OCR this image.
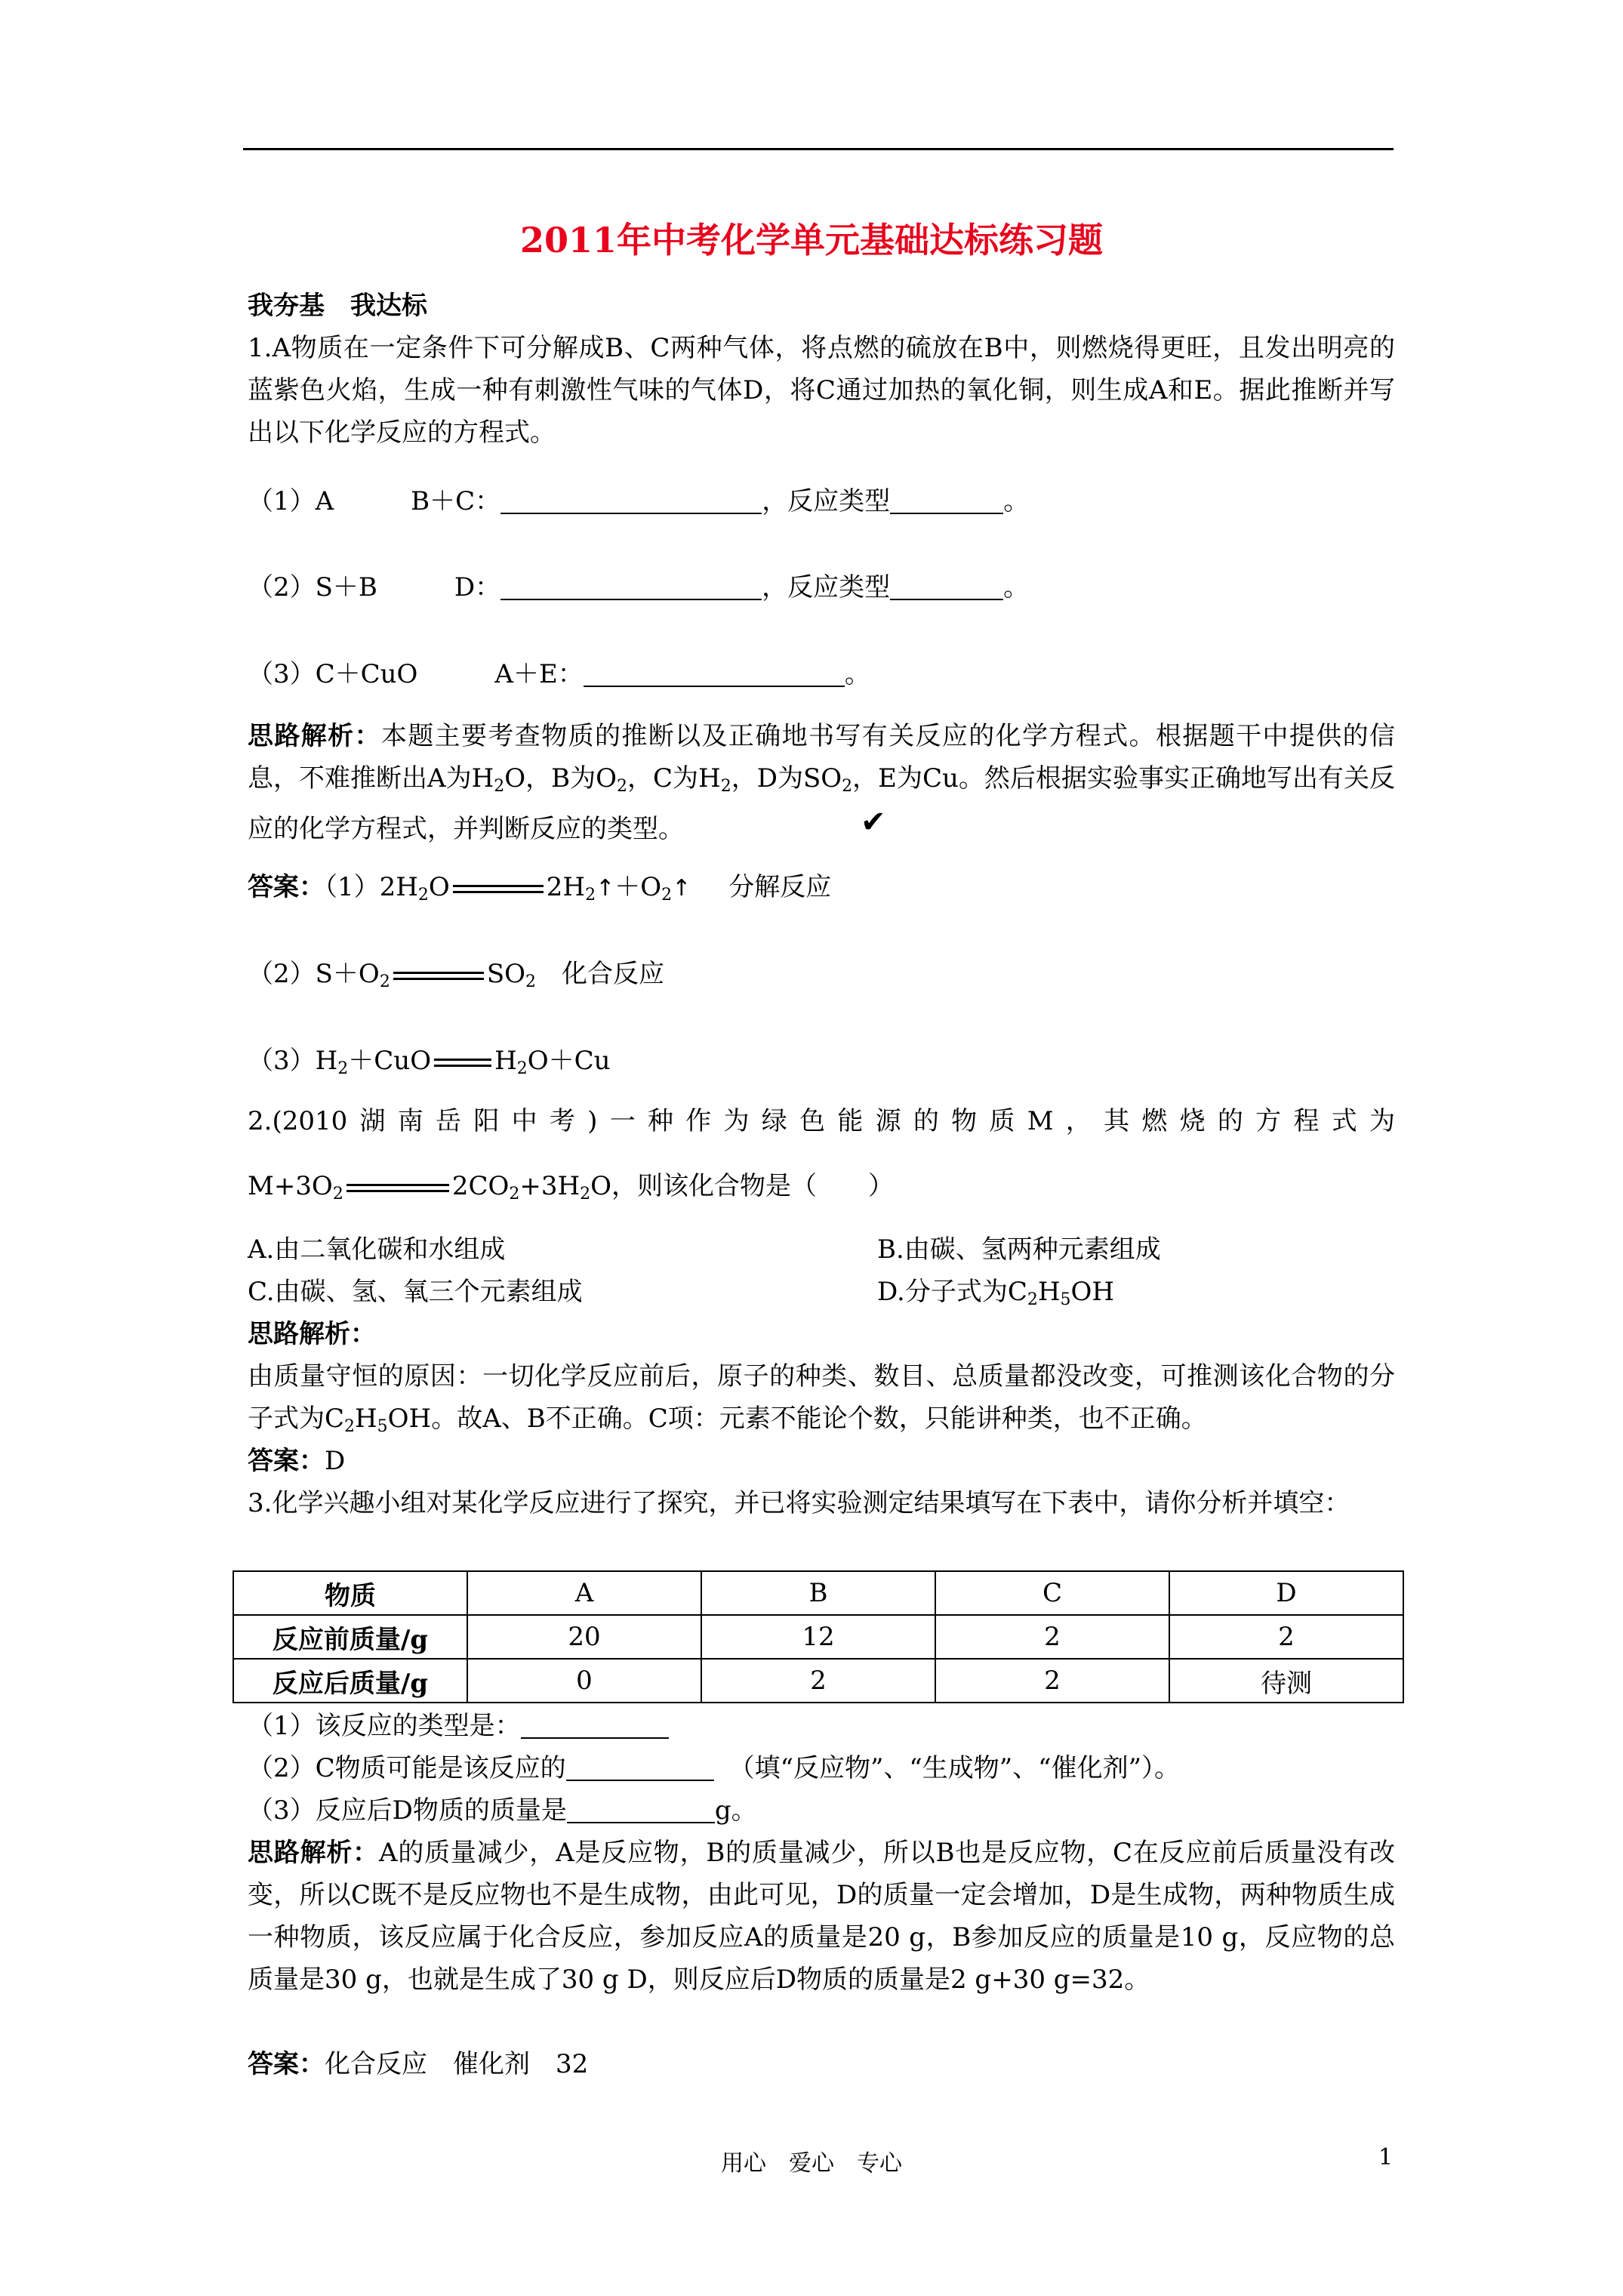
2011年中考化学单元基础达标练习题
我夯基　我达标
1.A物质在一定条件下可分解成B、C两种气体，将点燃的硫放在B中，则燃烧得更旺，且发出明亮的蓝紫色火焰，生成一种有刺激性气味的气体D，将C通过加热的氧化铜，则生成A和E。据此推断并写出以下化学反应的方程式。
（1）A　　　B＋C：	，反应类型	。
（2）S＋B　　　D：	，反应类型	。
（3）C＋CuO　　　A＋E：	。
思路解析：本题主要考查物质的推断以及正确地书写有关反应的化学方程式。根据题干中提供的信息，不难推断出A为$H_2O$，B为$O_2$，C为$H_2$，D为$SO_2$，E为Cu。然后根据实验事实正确地写出有关反应的化学方程式，并判断反应的类型。	✔
答案：$(1)2H_2O$	$2H_2↑+O_2↑$ 分解反应
$(2)S+O_2$	$SO_2$ 化合反应
$(3)H_2+CuO$ $H_2O+Cu$
2.(2010湖南岳阳中考)一种作为绿色能源的物质M，其燃烧的方程式为
$M+3O_2$	$2CO_2+3H_2O$，则该化合物是（　　）
A.由二氧化碳和水组成	B.由碳、氢两种元素组成
C.由碳、氢、氧三个元素组成	D.分子式为$C_2H_5OH$
思路解析：
由质量守恒的原因：一切化学反应前后，原子的种类、数目、总质量都没改变，可推测该化合物的分子式为$C_2H_5OH$。故A、B不正确。C项：元素不能论个数，只能讲种类，也不正确。
答案：D
3.化学兴趣小组对某化学反应进行了探究，并已将实验测定结果填写在下表中，请你分析并填空：
物质	A	B	C	D
反应前质量/g	20	12	2	2
反应后质量/g	0	2	2	待测
（1）该反应的类型是：
（2）C物质可能是该反应的	（填“反应物”、“生成物”、“催化剂”）。
（3）反应后D物质的质量是	g。
思路解析：A的质量减少，A是反应物，B的质量减少，所以B也是反应物，C在反应前后质量没有改变，所以C既不是反应物也不是生成物，由此可见，D的质量一定会增加，D是生成物，两种物质生成一种物质，该反应属于化合反应，参加反应A的质量是20 g，B参加反应的质量是10 g，反应物的总质量是30 g，也就是生成了30 g D，则反应后D物质的质量是2 g+30 g=32。
答案：化合反应　催化剂　32
用心　爱心　专心	1
